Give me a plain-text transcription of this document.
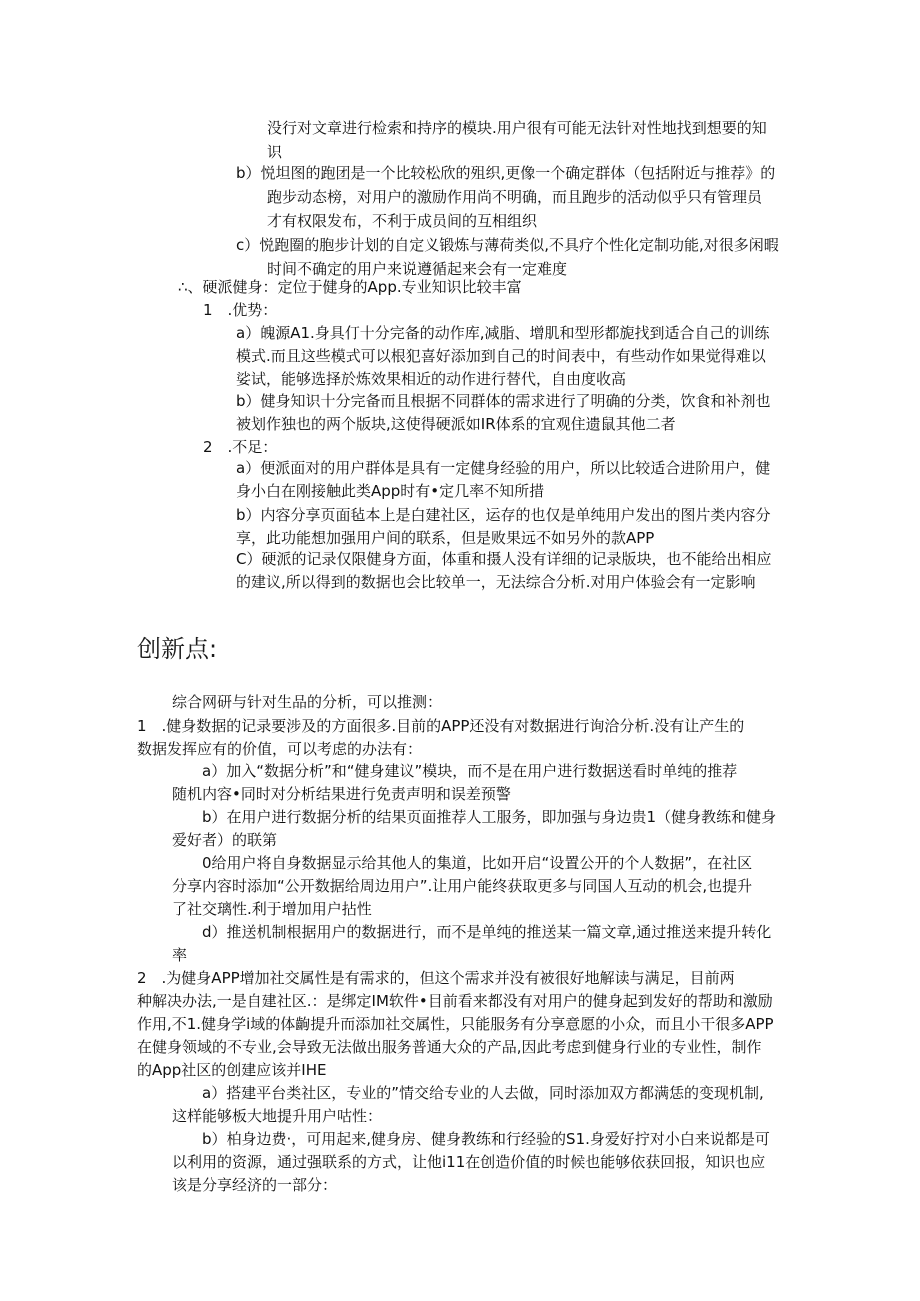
没行对文章进行检索和持序的模块.用户很有可能无法针对性地找到想要的知
识
b）悦坦图的跑团是一个比较松欣的殂织,更像一个确定群体（包括附近与推荐》的
跑步动态榜，对用户的激励作用尚不明确，而且跑步的活动似乎只有管理员
才有权限发布，不利于成员间的互相组织
c）悦跑圈的胞步计划的自定义锻炼与薄荷类似,不具疗个性化定制功能,对很多闲暇
时间不确定的用户来说遵循起来会有一定难度
∴、硬派健身：定位于健身的App.专业知识比较丰富
1　.优势：
a）魄源A1.身具仃十分完备的动作库,减脂、增肌和型形都旎找到适合自己的训练
模式.而且这些模式可以根犯喜好添加到自己的时间表中，有些动作如果觉得难以
娑试，能够选择於炼效果相近的动作进行替代，自由度收高
b）健身知识十分完备而且根据不同群体的需求进行了明确的分类，饮食和补剂也
被划作独也的两个版块,这使得硬派如IR体系的宜观住遗鼠其他二者
2　.不足：
a）便派面对的用户群体是具有一定健身经验的用户，所以比较适合进阶用户，健
身小白在刚接触此类App时有•定几率不知所措
b）内容分享页面毡本上是白建社区，运存的也仅是单纯用户发出的图片类内容分
享，此功能想加强用户间的联系，但是败果远不如另外的款APP
C）硬派的记录仅限健身方面，体重和摄人没有详细的记录版块，也不能给出相应
的建议,所以得到的数据也会比较单一，无法综合分析.对用户体验会有一定影响
创新点:
综合网研与针对生品的分析，可以推测：
1　.健身数据的记录要涉及的方面很多.目前的APP还没有对数据进行询洽分析.没有让产生的
数据发挥应有的价值，可以考虑的办法有：
a）加入“数据分析”和“健身建议”模块，而不是在用户进行数据送看时单纯的推荐
随机内容•同时对分析结果进行免责声明和误差预警
b）在用户进行数据分析的结果页面推荐人工服务，即加强与身边贵1（健身教练和健身
爱好者）的联第
0给用户将自身数据显示给其他人的集道，比如开启“设置公开的个人数据”，在社区
分享内容时添加“公开数据给周边用户”.让用户能终获取更多与同国人互动的机会,也提升
了社交璃性.利于增加用户拈性
d）推送机制根据用户的数据进行，而不是单纯的推送某一篇文章,通过推送来提升转化
率
2　.为健身APP增加社交属性是有需求的，但这个需求并没有被很好地解读与满足，目前两
种解决办法,一是自建社区.：是绑定IM软件•目前看来都没有对用户的健身起到发好的帮助和激励
作用,不1.健身学i域的体齣提升而添加社交属性，只能服务有分享意愿的小众，而且小干很多APP
在健身领域的不专业,会导致无法做出服务普通大众的产品,因此考虑到健身行业的专业性，制作
的App社区的创建应该并IHE
a）搭建平台类社区，专业的”情交给专业的人去做，同时添加双方都满恁的变现机制,
这样能够板大地提升用户咕性：
b）柏身边费·，可用起来,健身房、健身教练和行经验的S1.身爱好拧对小白来说都是可
以利用的资源，通过强联系的方式，让他i11在创造价值的时候也能够依获回报，知识也应
该是分享经济的一部分：
